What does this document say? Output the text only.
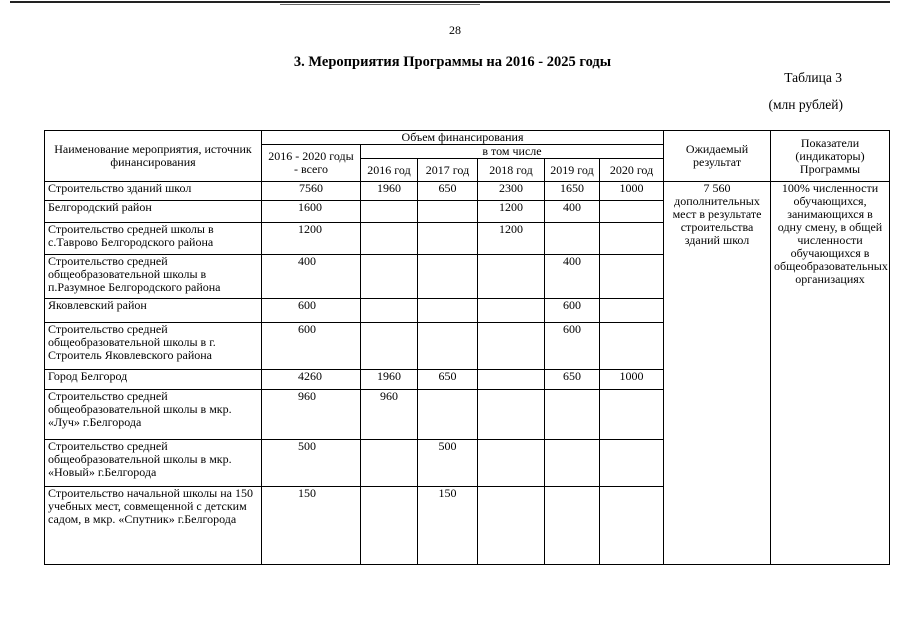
28
3. Мероприятия Программы на 2016 - 2025 годы
Таблица 3
(млн рублей)
Наименование мероприятия, источник финансирования	Объем финансирования						Ожидаемый результат	Показатели (индикаторы) Программы
	2016 - 2020 годы - всего	в том числе						
		2016 год	2017 год	2018 год	2019 год	2020 год		
Строительство зданий школ	7560	1960	650	2300	1650	1000	7 560 дополнительных мест в результате строительства зданий школ	100% численности обучающихся, занимающихся в одну смену, в общей численности обучающихся в общеобразовательных организациях
Белгородский район	1600			1200	400			
Строительство средней школы в с.Таврово Белгородского района	1200			1200				
Строительство средней общеобразовательной школы в п.Разумное Белгородского района	400				400			
Яковлевский район	600				600			
Строительство средней общеобразовательной школы в г. Строитель Яковлевского района	600				600			
Город Белгород	4260	1960	650		650	1000		
Строительство средней общеобразовательной школы в мкр. «Луч» г.Белгорода	960	960						
Строительство средней общеобразовательной школы в мкр. «Новый» г.Белгорода	500		500					
Строительство начальной школы на 150 учебных мест, совмещенной с детским садом, в мкр. «Спутник» г.Белгорода	150		150					
